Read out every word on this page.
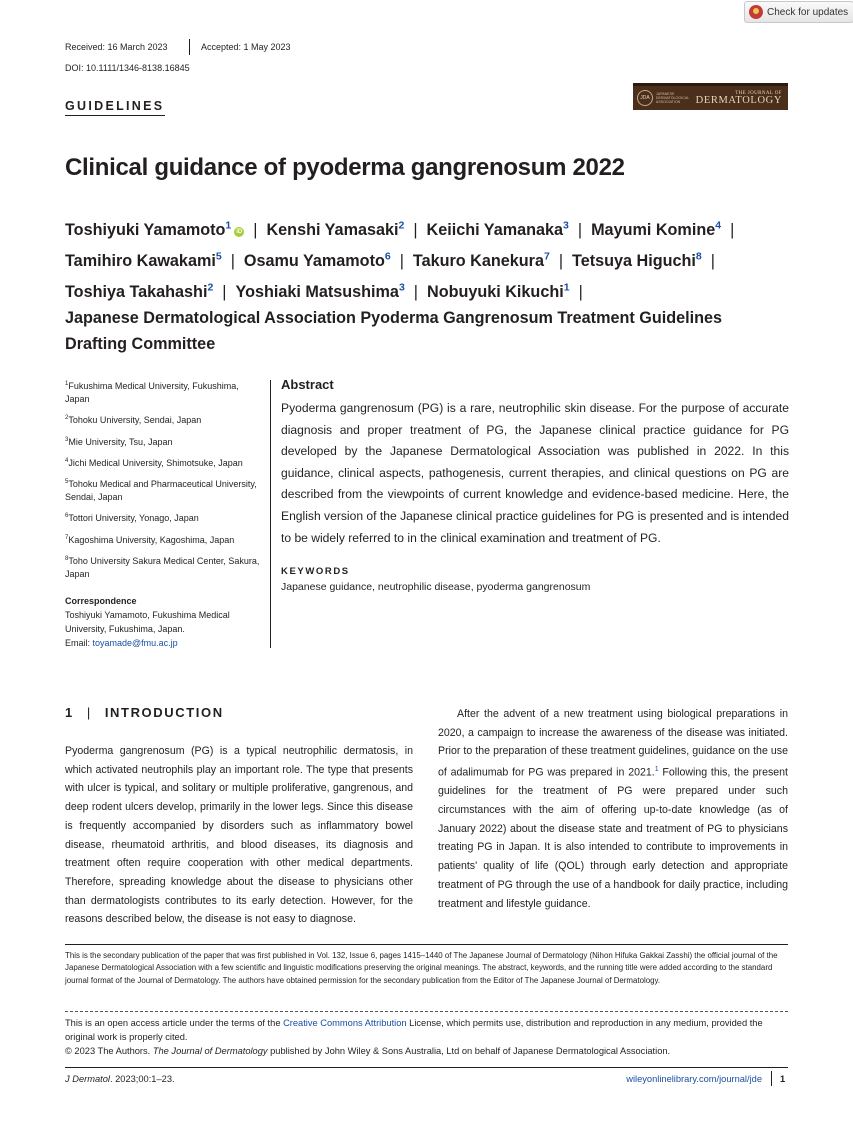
Check for updates
Received: 16 March 2023	Accepted: 1 May 2023
DOI: 10.1111/1346-8138.16845
GUIDELINES
JDA
JAPANESE DERMATOLOGICAL ASSOCIATION
THE JOURNAL OF
DERMATOLOGY
Clinical guidance of pyoderma gangrenosum 2022
Toshiyuki Yamamoto$^1$iD | Kenshi Yamasaki$^2$ | Keiichi Yamanaka$^3$ | Mayumi Komine$^4$ |
Tamihiro Kawakami$^5$ | Osamu Yamamoto$^6$ | Takuro Kanekura$^7$ | Tetsuya Higuchi$^8$ |
Toshiya Takahashi$^2$ | Yoshiaki Matsushima$^3$ | Nobuyuki Kikuchi$^1$ |
Japanese Dermatological Association Pyoderma Gangrenosum Treatment Guidelines Drafting Committee
$^1$Fukushima Medical University, Fukushima, Japan
$^2$Tohoku University, Sendai, Japan
$^3$Mie University, Tsu, Japan
$^4$Jichi Medical University, Shimotsuke, Japan
$^5$Tohoku Medical and Pharmaceutical University, Sendai, Japan
$^6$Tottori University, Yonago, Japan
$^7$Kagoshima University, Kagoshima, Japan
$^8$Toho University Sakura Medical Center, Sakura, Japan
Correspondence
Toshiyuki Yamamoto, Fukushima Medical University, Fukushima, Japan.
Email: toyamade@fmu.ac.jp
Abstract
Pyoderma gangrenosum (PG) is a rare, neutrophilic skin disease. For the purpose of accurate diagnosis and proper treatment of PG, the Japanese clinical practice guidance for PG developed by the Japanese Dermatological Association was published in 2022. In this guidance, clinical aspects, pathogenesis, current therapies, and clinical questions on PG are described from the viewpoints of current knowledge and evidence-based medicine. Here, the English version of the Japanese clinical practice guidelines for PG is presented and is intended to be widely referred to in the clinical examination and treatment of PG.
KEYWORDS
Japanese guidance, neutrophilic disease, pyoderma gangrenosum
1 | INTRODUCTION
Pyoderma gangrenosum (PG) is a typical neutrophilic dermatosis, in which activated neutrophils play an important role. The type that presents with ulcer is typical, and solitary or multiple proliferative, gangrenous, and deep rodent ulcers develop, primarily in the lower legs. Since this disease is frequently accompanied by disorders such as inflammatory bowel disease, rheumatoid arthritis, and blood diseases, its diagnosis and treatment often require cooperation with other medical departments. Therefore, spreading knowledge about the disease to physicians other than dermatologists contributes to its early detection. However, for the reasons described below, the disease is not easy to diagnose.
After the advent of a new treatment using biological preparations in 2020, a campaign to increase the awareness of the disease was initiated. Prior to the preparation of these treatment guidelines, guidance on the use of adalimumab for PG was prepared in 2021.$^1$ Following this, the present guidelines for the treatment of PG were prepared under such circumstances with the aim of offering up-to-date knowledge (as of January 2022) about the disease state and treatment of PG to physicians treating PG in Japan. It is also intended to contribute to improvements in patients' quality of life (QOL) through early detection and appropriate treatment of PG through the use of a handbook for daily practice, including treatment and lifestyle guidance.
This is the secondary publication of the paper that was first published in Vol. 132, Issue 6, pages 1415–1440 of The Japanese Journal of Dermatology (Nihon Hifuka Gakkai Zasshi) the official journal of the Japanese Dermatological Association with a few scientific and linguistic modifications preserving the original meanings. The abstract, keywords, and the running title were added according to the standard journal format of the Journal of Dermatology. The authors have obtained permission for the secondary publication from the Editor of The Japanese Journal of Dermatology.
This is an open access article under the terms of the Creative Commons Attribution License, which permits use, distribution and reproduction in any medium, provided the original work is properly cited.
© 2023 The Authors. The Journal of Dermatology published by John Wiley & Sons Australia, Ltd on behalf of Japanese Dermatological Association.
J Dermatol. 2023;00:1–23.	wileyonlinelibrary.com/journal/jde 1
